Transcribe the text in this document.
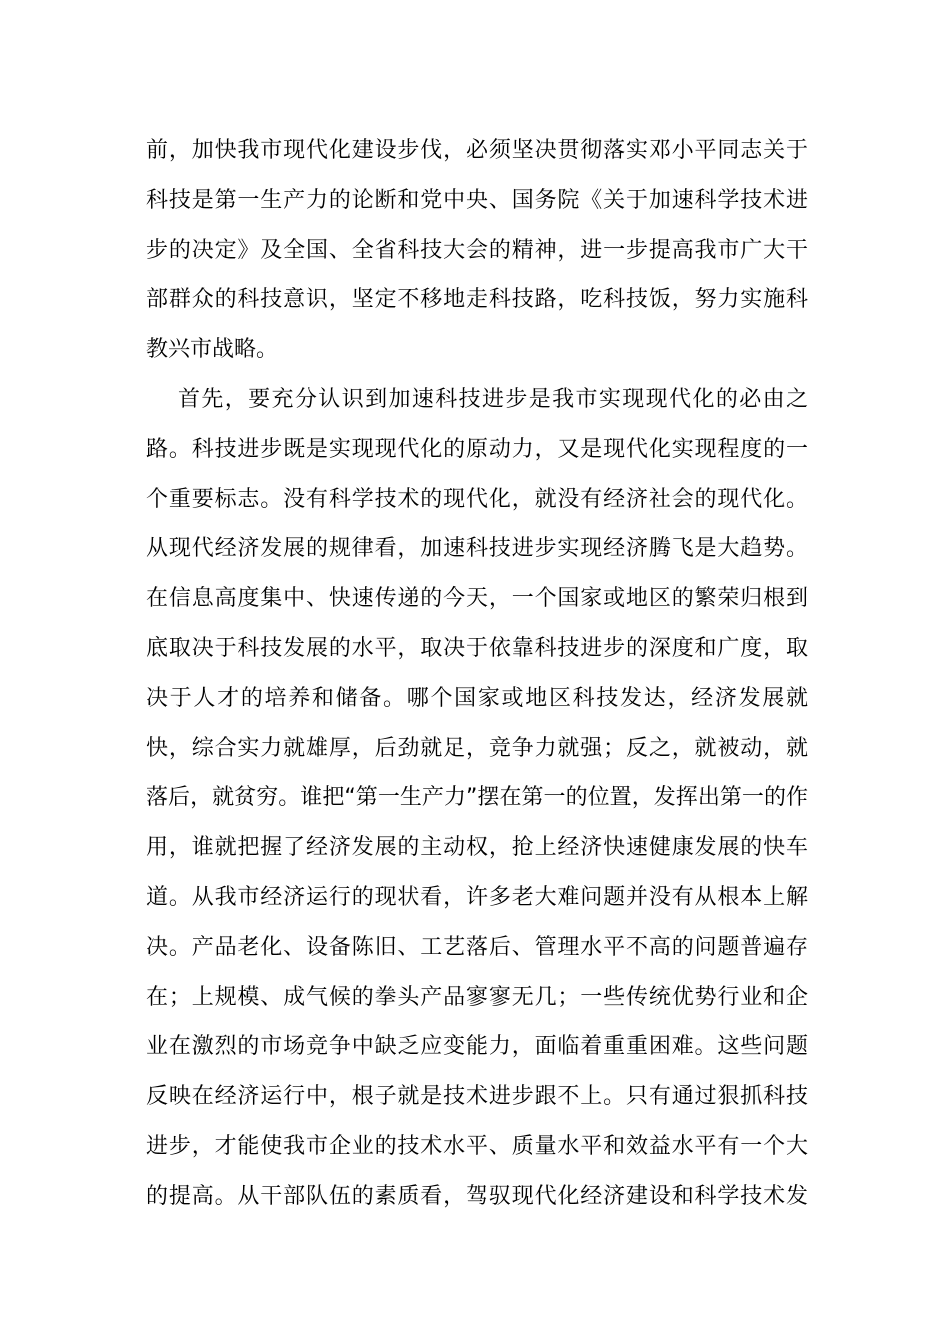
前，加快我市现代化建设步伐，必须坚决贯彻落实邓小平同志关于
科技是第一生产力的论断和党中央、国务院《关于加速科学技术进
步的决定》及全国、全省科技大会的精神，进一步提高我市广大干
部群众的科技意识，坚定不移地走科技路，吃科技饭，努力实施科
教兴市战略。
首先，要充分认识到加速科技进步是我市实现现代化的必由之
路。科技进步既是实现现代化的原动力，又是现代化实现程度的一
个重要标志。没有科学技术的现代化，就没有经济社会的现代化。
从现代经济发展的规律看，加速科技进步实现经济腾飞是大趋势。
在信息高度集中、快速传递的今天，一个国家或地区的繁荣归根到
底取决于科技发展的水平，取决于依靠科技进步的深度和广度，取
决于人才的培养和储备。哪个国家或地区科技发达，经济发展就
快，综合实力就雄厚，后劲就足，竞争力就强；反之，就被动，就
落后，就贫穷。谁把“第一生产力”摆在第一的位置，发挥出第一的作
用，谁就把握了经济发展的主动权，抢上经济快速健康发展的快车
道。从我市经济运行的现状看，许多老大难问题并没有从根本上解
决。产品老化、设备陈旧、工艺落后、管理水平不高的问题普遍存
在；上规模、成气候的拳头产品寥寥无几；一些传统优势行业和企
业在激烈的市场竞争中缺乏应变能力，面临着重重困难。这些问题
反映在经济运行中，根子就是技术进步跟不上。只有通过狠抓科技
进步，才能使我市企业的技术水平、质量水平和效益水平有一个大
的提高。从干部队伍的素质看，驾驭现代化经济建设和科学技术发
